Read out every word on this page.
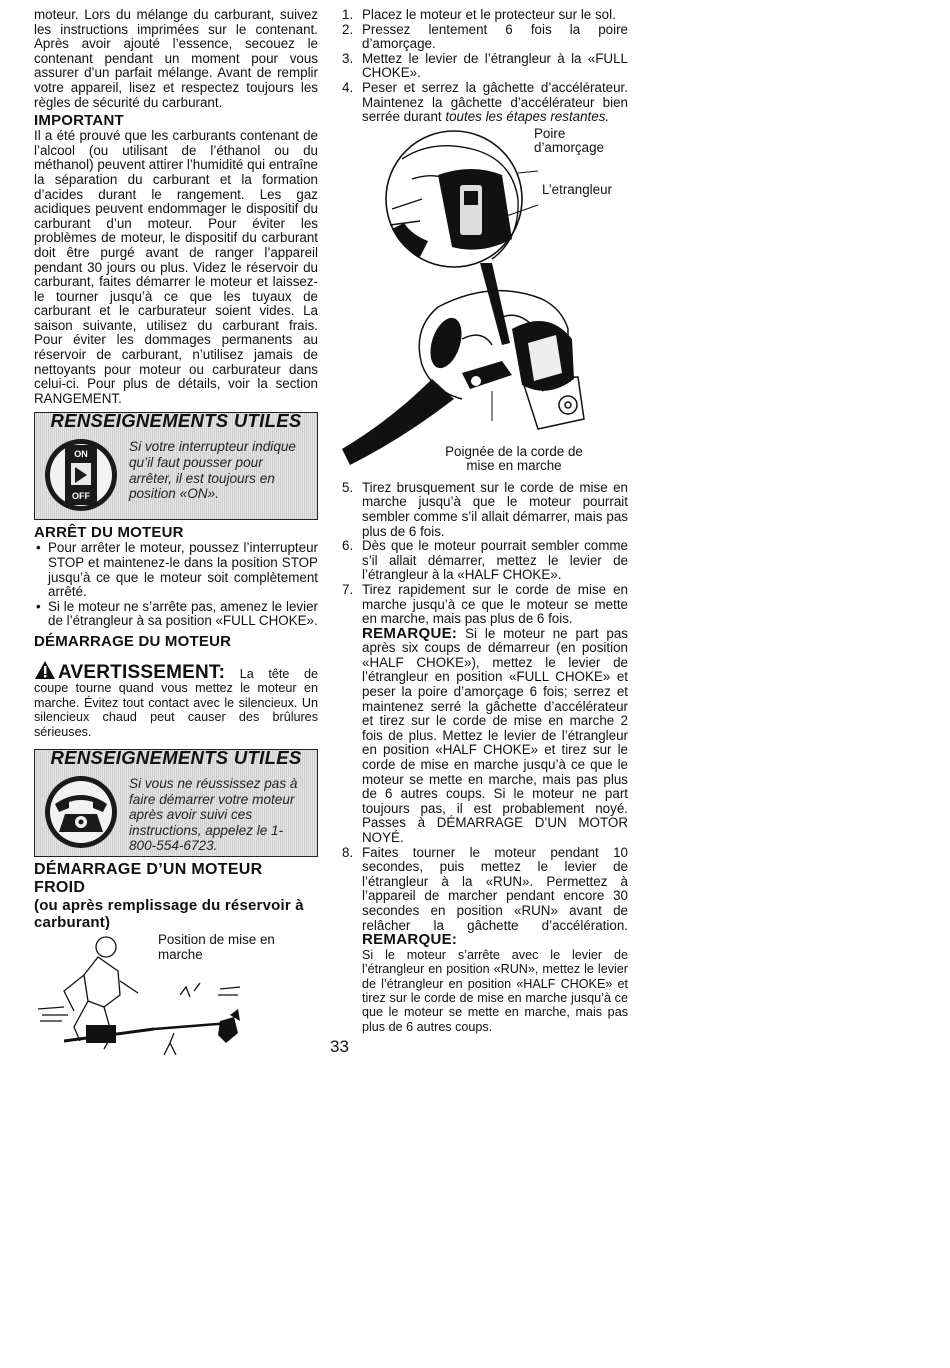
moteur. Lors du mélange du carburant, suivez les instructions imprimées sur le contenant. Après avoir ajouté l’essence, secouez le contenant pendant un moment pour vous assurer d’un parfait mélange. Avant de remplir votre appareil, lisez et respectez toujours les règles de sécurité du carburant.

IMPORTANT

Il a été prouvé que les carburants contenant de l’alcool (ou utilisant de l’éthanol ou du méthanol) peuvent attirer l’humidité qui entraîne la séparation du carburant et la formation d’acides durant le rangement. Les gaz acidiques peuvent endommager le dispositif du carburant d’un moteur. Pour éviter les problèmes de moteur, le dispositif du carburant doit être purgé avant de ranger l’appareil pendant 30 jours ou plus. Videz le réservoir du carburant, faites démarrer le moteur et laissez-le tourner jusqu’à ce que les tuyaux de carburant et le carburateur soient vides. La saison suivante, utilisez du carburant frais. Pour éviter les dommages permanents au réservoir de carburant, n’utilisez jamais de nettoyants pour moteur ou carburateur dans celui-ci. Pour plus de détails, voir la section RANGEMENT.

RENSEIGNEMENTS UTILES
ON
OFF
Si votre interrupteur indique qu’il faut pousser pour arrêter, il est toujours en position «ON».
ARRÊT DU MOTEUR
• Pour arrêter le moteur, poussez l’interrupteur STOP et maintenez-le dans la position STOP jusqu’à ce que le moteur soit complètement arrêté.
• Si le moteur ne s’arrête pas, amenez le levier de l’étrangleur à sa position «FULL CHOKE».
DÉMARRAGE DU MOTEUR
AVERTISSEMENT: La tête de coupe tourne quand vous mettez le moteur en marche. Évitez tout contact avec le silencieux. Un silencieux chaud peut causer des brûlures sérieuses.
RENSEIGNEMENTS UTILES
Si vous ne réussissez pas à faire démarrer votre moteur après avoir suivi ces instructions, appelez le 1-800-554-6723.
DÉMARRAGE D’UN MOTEUR FROID
(ou après remplissage du réservoir à carburant)
Position de mise en marche
1. Placez le moteur et le protecteur sur le sol.
2. Pressez lentement 6 fois la poire d’amorçage.
3. Mettez le levier de l’étrangleur à la «FULL CHOKE».
4. Peser et serrez la gâchette d’accélérateur. Maintenez la gâchette d’accélérateur bien serrée durant toutes les étapes restantes.
Poire d’amorçage
L’etrangleur
Poignée de la corde de mise en marche
5. Tirez brusquement sur le corde de mise en marche jusqu’à que le moteur pourrait sembler comme s’il allait démarrer, mais pas plus de 6 fois.
6. Dès que le moteur pourrait sembler comme s’il allait démarrer, mettez le levier de l’étrangleur à la «HALF CHOKE».
7. Tirez rapidement sur le corde de mise en marche jusqu’à ce que le moteur se mette en marche, mais pas plus de 6 fois.

REMARQUE: Si le moteur ne part pas après six coups de démarreur (en position «HALF CHOKE»), mettez le levier de l’étrangleur en position «FULL CHOKE» et peser la poire d’amorçage 6 fois; serrez et maintenez serré la gâchette d’accélérateur et tirez sur le corde de mise en marche 2 fois de plus. Mettez le levier de l’étrangleur en position «HALF CHOKE» et tirez sur le corde de mise en marche jusqu’à ce que le moteur se mette en marche, mais pas plus de 6 autres coups. Si le moteur ne part toujours pas, il est probablement noyé. Passes à DÉMARRAGE D’UN MOTOR NOYÉ.

8. Faites tourner le moteur pendant 10 secondes, puis mettez le levier de l’étrangleur à la «RUN». Permettez à l’appareil de marcher pendant encore 30 secondes en position «RUN» avant de relâcher la gâchette d’accélération. REMARQUE:
Si le moteur s’arrête avec le levier de l’étrangleur en position «RUN», mettez le levier de l’étrangleur en position «HALF CHOKE» et tirez sur le corde de mise en marche jusqu’à ce que le moteur se mette en marche, mais pas plus de 6 autres coups.
33
